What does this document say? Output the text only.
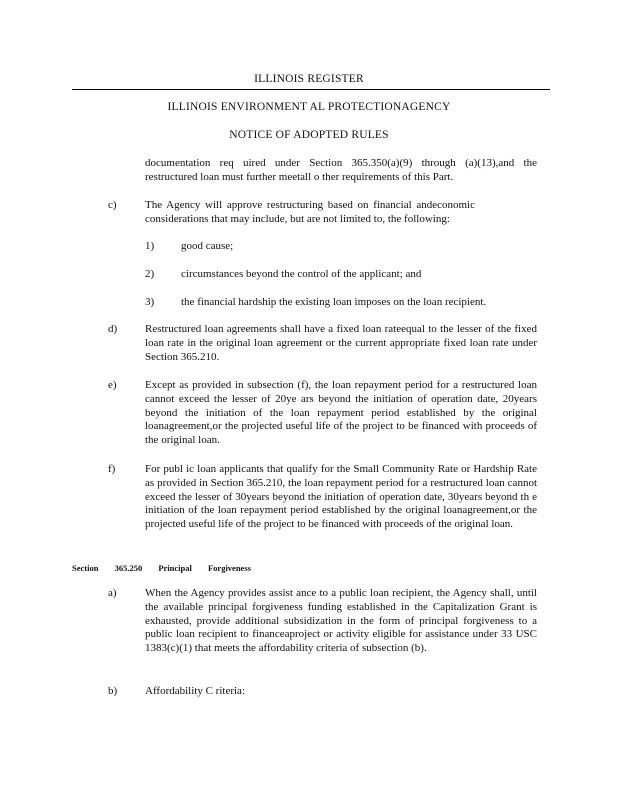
ILLINOIS REGISTER
ILLINOIS ENVIRONMENT AL PROTECTIONAGENCY
NOTICE OF ADOPTED RULES
documentation req uired under Section 365.350(a)(9) through (a)(13),and the restructured loan must further meetall o ther requirements of this Part.
c)	The Agency will approve restructuring based on financial andeconomic considerations that may include, but are not limited to, the following:
1) good cause;
2) circumstances beyond the control of the applicant; and
3) the financial hardship the existing loan imposes on the loan recipient.
d)	Restructured loan agreements shall have a fixed loan rateequal to the lesser of the fixed loan rate in the original loan agreement or the current appropriate fixed loan rate under Section 365.210.
e)	Except as provided in subsection (f), the loan repayment period for a restructured loan cannot exceed the lesser of 20ye ars beyond the initiation of operation date, 20years beyond the initiation of the loan repayment period established by the original loanagreement,or the projected useful life of the project to be financed with proceeds of the original loan.
f)	For publ ic loan applicants that qualify for the Small Community Rate or Hardship Rate as provided in Section 365.210, the loan repayment period for a restructured loan cannot exceed the lesser of 30years beyond the initiation of operation date, 30years beyond th e initiation of the loan repayment period established by the original loanagreement,or the projected useful life of the project to be financed with proceeds of the original loan.
Section 365.250 Principal Forgiveness
a)	When the Agency provides assist ance to a public loan recipient, the Agency shall, until the available principal forgiveness funding established in the Capitalization Grant is exhausted, provide additional subsidization in the form of principal forgiveness to a public loan recipient to financeaproject or activity eligible for assistance under 33 USC 1383(c)(1) that meets the affordability criteria of subsection (b).
b)	Affordability C riteria:
